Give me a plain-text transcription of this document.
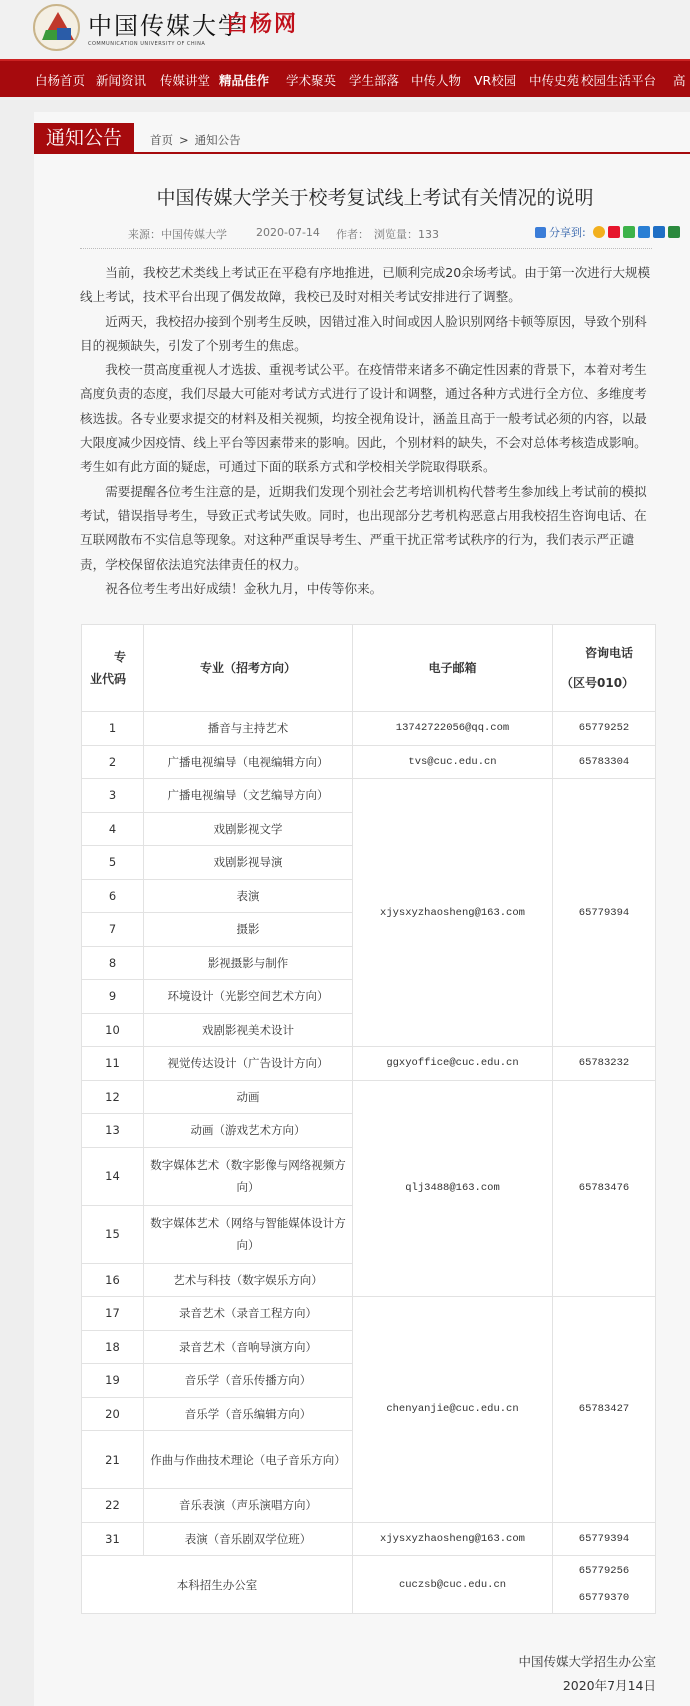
中国传媒大学
白杨网
COMMUNICATION UNIVERSITY OF CHINA
白杨首页 新闻资讯 传媒讲堂 精品佳作 学术聚英 学生部落 中传人物 VR校园 中传史苑 校园生活平台 高
通知公告	首页 > 通知公告
中国传媒大学关于校考复试线上考试有关情况的说明
来源：中国传媒大学	2020-07-14 作者： 浏览量：133	分享到:

当前，我校艺术类线上考试正在平稳有序地推进，已顺利完成20余场考试。由于第一次进行大规模线上考试，技术平台出现了偶发故障，我校已及时对相关考试安排进行了调整。

近两天，我校招办接到个别考生反映，因错过准入时间或因人脸识别网络卡顿等原因，导致个别科目的视频缺失，引发了个别考生的焦虑。

我校一贯高度重视人才选拔、重视考试公平。在疫情带来诸多不确定性因素的背景下，本着对考生高度负责的态度，我们尽最大可能对考试方式进行了设计和调整，通过各种方式进行全方位、多维度考核选拔。各专业要求提交的材料及相关视频，均按全视角设计，涵盖且高于一般考试必须的内容，以最大限度减少因疫情、线上平台等因素带来的影响。因此，个别材料的缺失，不会对总体考核造成影响。考生如有此方面的疑虑，可通过下面的联系方式和学校相关学院取得联系。

需要提醒各位考生注意的是，近期我们发现个别社会艺考培训机构代替考生参加线上考试前的模拟考试，错误指导考生，导致正式考试失败。同时，也出现部分艺考机构恶意占用我校招生咨询电话、在互联网散布不实信息等现象。对这种严重误导考生、严重干扰正常考试秩序的行为，我们表示严正谴责，学校保留依法追究法律责任的权力。

祝各位考生考出好成绩！金秋九月，中传等你来。

专业代码	专业（招考方向）	电子邮箱	咨询电话（区号010）
1	播音与主持艺术	13742722056@qq.com	65779252
2	广播电视编导（电视编辑方向）	tvs@cuc.edu.cn	65783304
3	广播电视编导（文艺编导方向）	xjysxyzhaosheng@163.com	65779394
4	戏剧影视文学		
5	戏剧影视导演		
6	表演		
7	摄影		
8	影视摄影与制作		
9	环境设计（光影空间艺术方向）		
10	戏剧影视美术设计		
11	视觉传达设计（广告设计方向）	ggxyoffice@cuc.edu.cn	65783232
12	动画	qlj3488@163.com	65783476
13	动画（游戏艺术方向）		
14	数字媒体艺术（数字影像与网络视频方向）		
15	数字媒体艺术（网络与智能媒体设计方向）		
16	艺术与科技（数字娱乐方向）		
17	录音艺术（录音工程方向）	chenyanjie@cuc.edu.cn	65783427
18	录音艺术（音响导演方向）		
19	音乐学（音乐传播方向）		
20	音乐学（音乐编辑方向）		
21	作曲与作曲技术理论（电子音乐方向）		
22	音乐表演（声乐演唱方向）		
31	表演（音乐剧双学位班）	xjysxyzhaosheng@163.com	65779394
本科招生办公室		cuczsb@cuc.edu.cn	65779256
65779370
中国传媒大学招生办公室
2020年7月14日
